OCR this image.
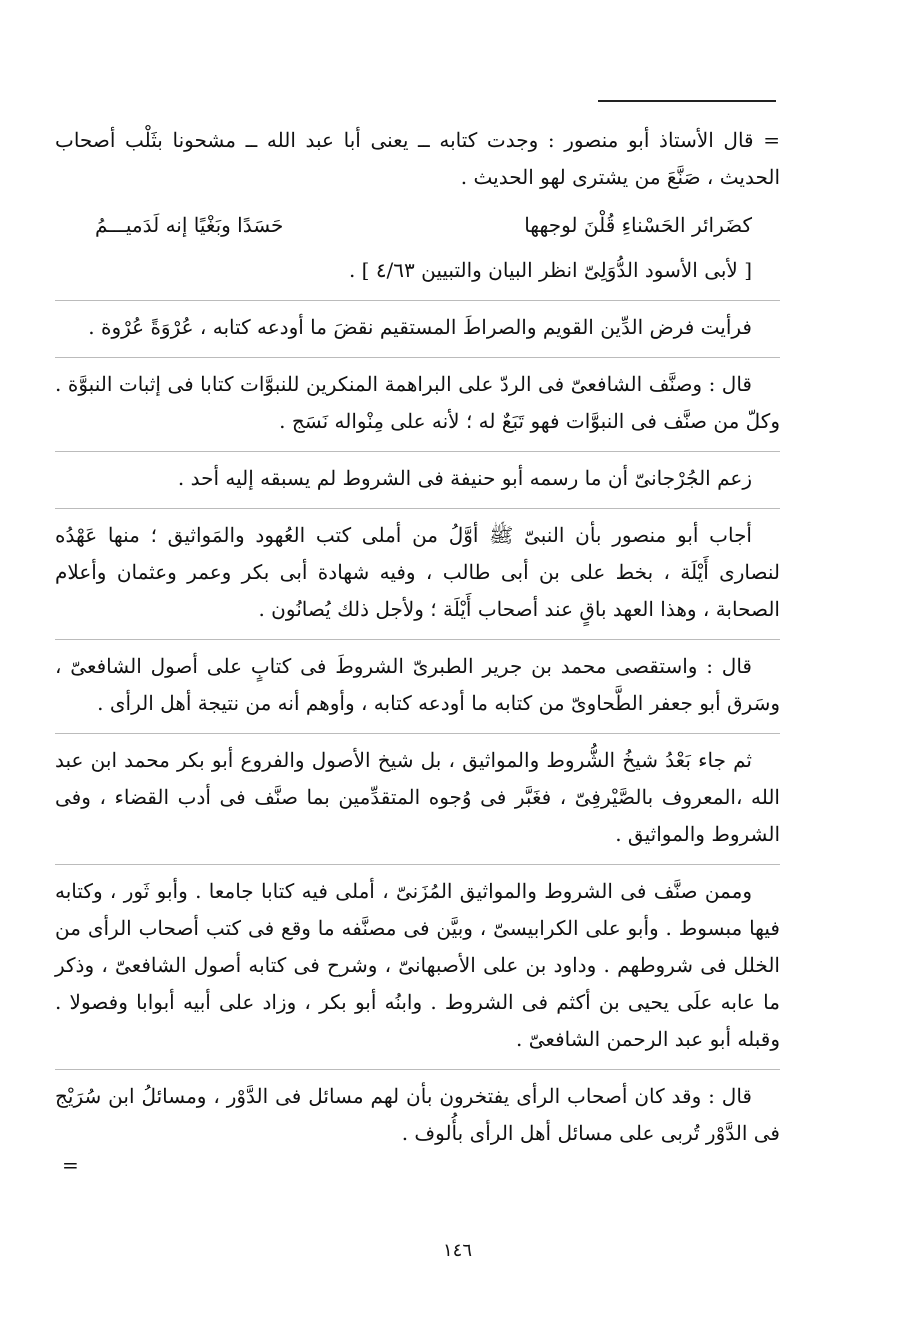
= قال الأستاذ أبو منصور : وجدت كتابه ــ يعنى أبا عبد الله ــ مشحونا بثَلْب أصحاب الحديث ، صَنَّعَ من يشترى لهو الحديث .

كضَرائر الحَسْناءِ قُلْنَ لوجهها
حَسَدًا وبَغْيًا إنه لَدَميـــمُ

[ لأبى الأسود الدُّوَلِىّ انظر البيان والتبيين ٤/٦٣ ] .

فرأيت فرض الدِّين القويم والصراطَ المستقيم نقضَ ما أودعه كتابه ، عُرْوَةً عُرْوة .

قال : وصنَّف الشافعىّ فى الردّ على البراهمة المنكرين للنبوَّات كتابا فى إثبات النبوَّة . وكلّ من صنَّف فى النبوَّات فهو تَبَعٌ له ؛ لأنه على مِنْواله نَسَج .

زعم الجُرْجانىّ أن ما رسمه أبو حنيفة فى الشروط لم يسبقه إليه أحد .

أجاب أبو منصور بأن النبىّ ﷺ أوَّلُ من أملى كتب العُهود والمَواثيق ؛ منها عَهْدُه لنصارى أَيْلَة ، بخط على بن أبى طالب ، وفيه شهادة أبى بكر وعمر وعثمان وأعلام الصحابة ، وهذا العهد باقٍ عند أصحاب أَيْلَة ؛ ولأجل ذلك يُصانُون .

قال : واستقصى محمد بن جرير الطبرىّ الشروطَ فى كتابٍ على أصول الشافعىّ ، وسَرق أبو جعفر الطَّحاوىّ من كتابه ما أودعه كتابه ، وأوهم أنه من نتيجة أهل الرأى .

ثم جاء بَعْدُ شيخُ الشُّروط والمواثيق ، بل شيخ الأصول والفروع أبو بكر محمد ابن عبد الله ،المعروف بالصَّيْرفِىّ ، فغَبَّر فى وُجوه المتقدِّمين بما صنَّف فى أدب القضاء ، وفى الشروط والمواثيق .

وممن صنَّف فى الشروط والمواثيق المُزَنىّ ، أملى فيه كتابا جامعا . وأبو ثَور ، وكتابه فيها مبسوط . وأبو على الكرابيسىّ ، وبيَّن فى مصنَّفه ما وقع فى كتب أصحاب الرأى من الخلل فى شروطهم . وداود بن على الأصبهانىّ ، وشرح فى كتابه أصول الشافعىّ ، وذكر ما عابه علَى يحيى بن أكثم فى الشروط . وابنُه أبو بكر ، وزاد على أبيه أبوابا وفصولا . وقبله أبو عبد الرحمن الشافعىّ .

قال : وقد كان أصحاب الرأى يفتخرون بأن لهم مسائل فى الدَّوْر ، ومسائلُ ابن سُرَيْج فى الدَّوْر تُربى على مسائل أهل الرأى بأُلوف .

=
١٤٦
